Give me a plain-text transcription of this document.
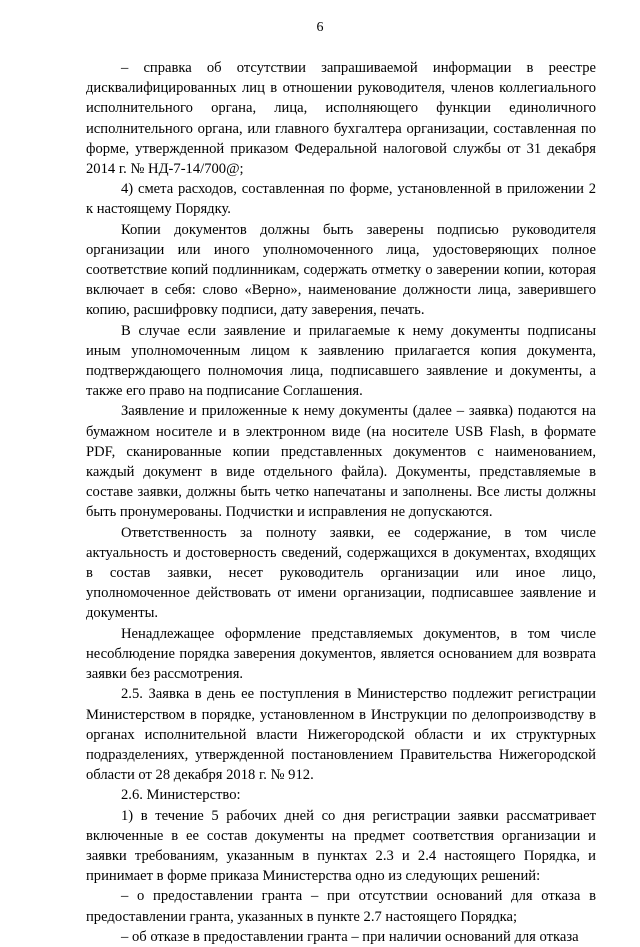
6

– справка об отсутствии запрашиваемой информации в реестре дисквалифицированных лиц в отношении руководителя, членов коллегиального исполнительного органа, лица, исполняющего функции единоличного исполнительного органа, или главного бухгалтера организации, составленная по форме, утвержденной приказом Федеральной налоговой службы от 31 декабря 2014 г. № НД-7-14/700@;

4) смета расходов, составленная по форме, установленной в приложении 2 к настоящему Порядку.

Копии документов должны быть заверены подписью руководителя организации или иного уполномоченного лица, удостоверяющих полное соответствие копий подлинникам, содержать отметку о заверении копии, которая включает в себя: слово «Верно», наименование должности лица, заверившего копию, расшифровку подписи, дату заверения, печать.

В случае если заявление и прилагаемые к нему документы подписаны иным уполномоченным лицом к заявлению прилагается копия документа, подтверждающего полномочия лица, подписавшего заявление и документы, а также его право на подписание Соглашения.

Заявление и приложенные к нему документы (далее – заявка) подаются на бумажном носителе и в электронном виде (на носителе USB Flash, в формате PDF, сканированные копии представленных документов с наименованием, каждый документ в виде отдельного файла). Документы, представляемые в составе заявки, должны быть четко напечатаны и заполнены. Все листы должны быть пронумерованы. Подчистки и исправления не допускаются.

Ответственность за полноту заявки, ее содержание, в том числе актуальность и достоверность сведений, содержащихся в документах, входящих в состав заявки, несет руководитель организации или иное лицо, уполномоченное действовать от имени организации, подписавшее заявление и документы.

Ненадлежащее оформление представляемых документов, в том числе несоблюдение порядка заверения документов, является основанием для возврата заявки без рассмотрения.

2.5. Заявка в день ее поступления в Министерство подлежит регистрации Министерством в порядке, установленном в Инструкции по делопроизводству в органах исполнительной власти Нижегородской области и их структурных подразделениях, утвержденной постановлением Правительства Нижегородской области от 28 декабря 2018 г. № 912.

2.6. Министерство:

1) в течение 5 рабочих дней со дня регистрации заявки рассматривает включенные в ее состав документы на предмет соответствия организации и заявки требованиям, указанным в пунктах 2.3 и 2.4 настоящего Порядка, и принимает в форме приказа Министерства одно из следующих решений:

– о предоставлении гранта – при отсутствии оснований для отказа в предоставлении гранта, указанных в пункте 2.7 настоящего Порядка;

– об отказе в предоставлении гранта – при наличии оснований для отказа
